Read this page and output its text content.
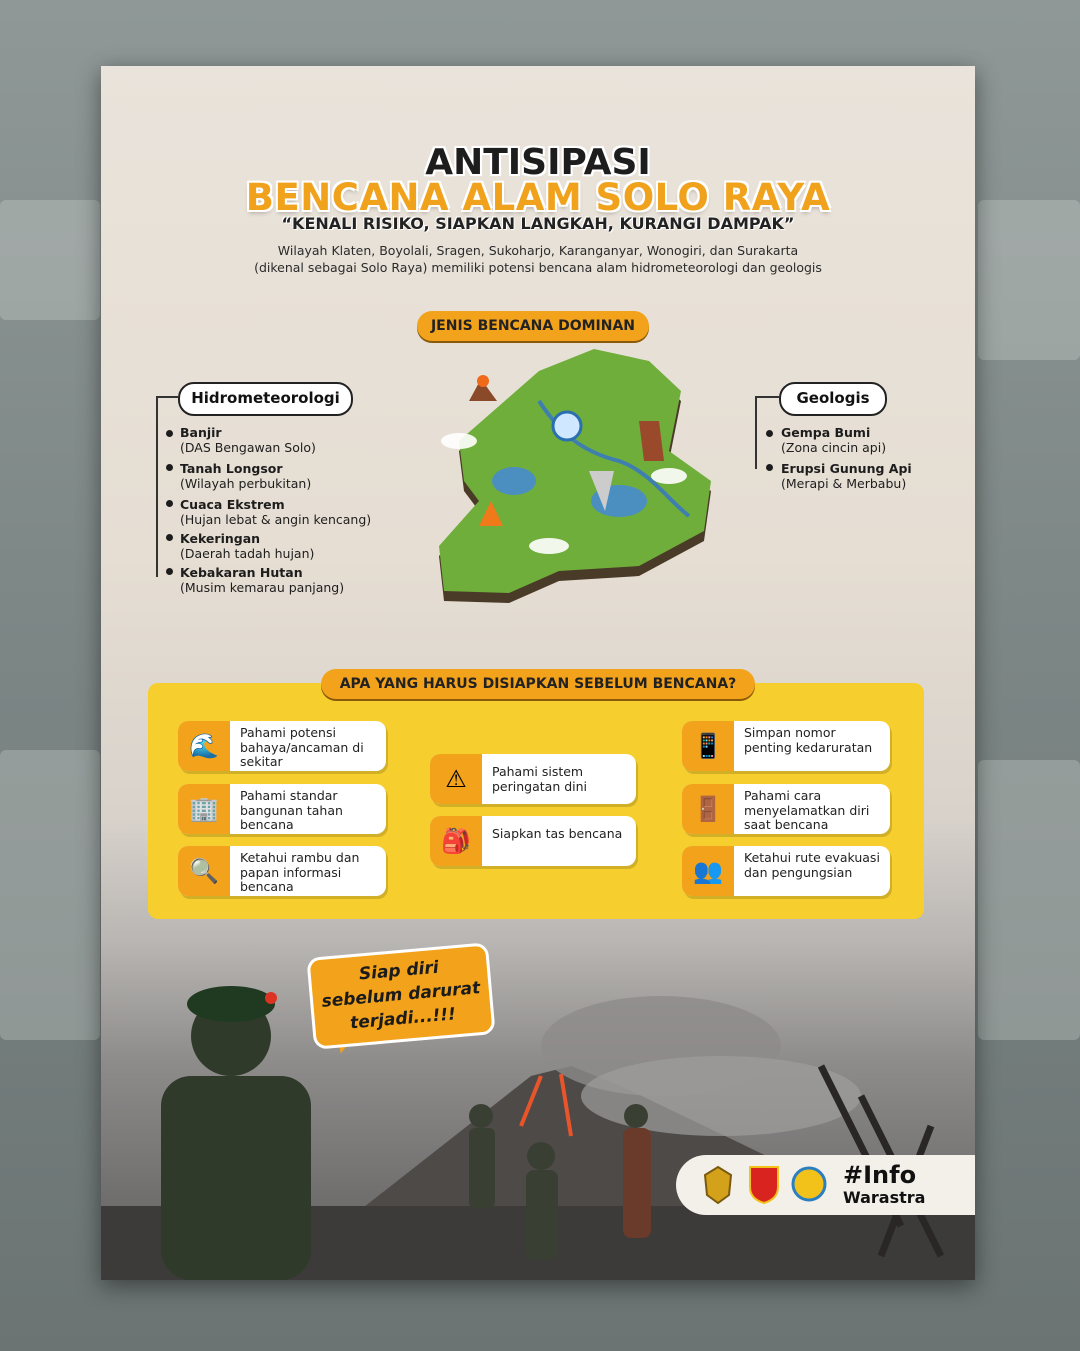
ANTISIPASI
BENCANA ALAM SOLO RAYA
“KENALI RISIKO, SIAPKAN LANGKAH, KURANGI DAMPAK”
Wilayah Klaten, Boyolali, Sragen, Sukoharjo, Karanganyar, Wonogiri, dan Surakarta (dikenal sebagai Solo Raya) memiliki potensi bencana alam hidrometeorologi dan geologis
JENIS BENCANA DOMINAN
Hidrometeorologi
Banjir
(DAS Bengawan Solo)
Tanah Longsor
(Wilayah perbukitan)
Cuaca Ekstrem
(Hujan lebat & angin kencang)
Kekeringan
(Daerah tadah hujan)
Kebakaran Hutan
(Musim kemarau panjang)
Geologis
Gempa Bumi
(Zona cincin api)
Erupsi Gunung Api
(Merapi & Merbabu)
APA YANG HARUS DISIAPKAN SEBELUM BENCANA?
🌊	Pahami potensi bahaya/ancaman di sekitar
🏢	Pahami standar bangunan tahan bencana
🔍	Ketahui rambu dan papan informasi bencana
⚠	Pahami sistem peringatan dini
🎒	Siapkan tas bencana
📱	Simpan nomor penting kedaruratan
🚪	Pahami cara menyelamatkan diri saat bencana
👥	Ketahui rute evakuasi dan pengungsian
Siap diri
sebelum darurat
terjadi...!!!
#Info
Warastra
